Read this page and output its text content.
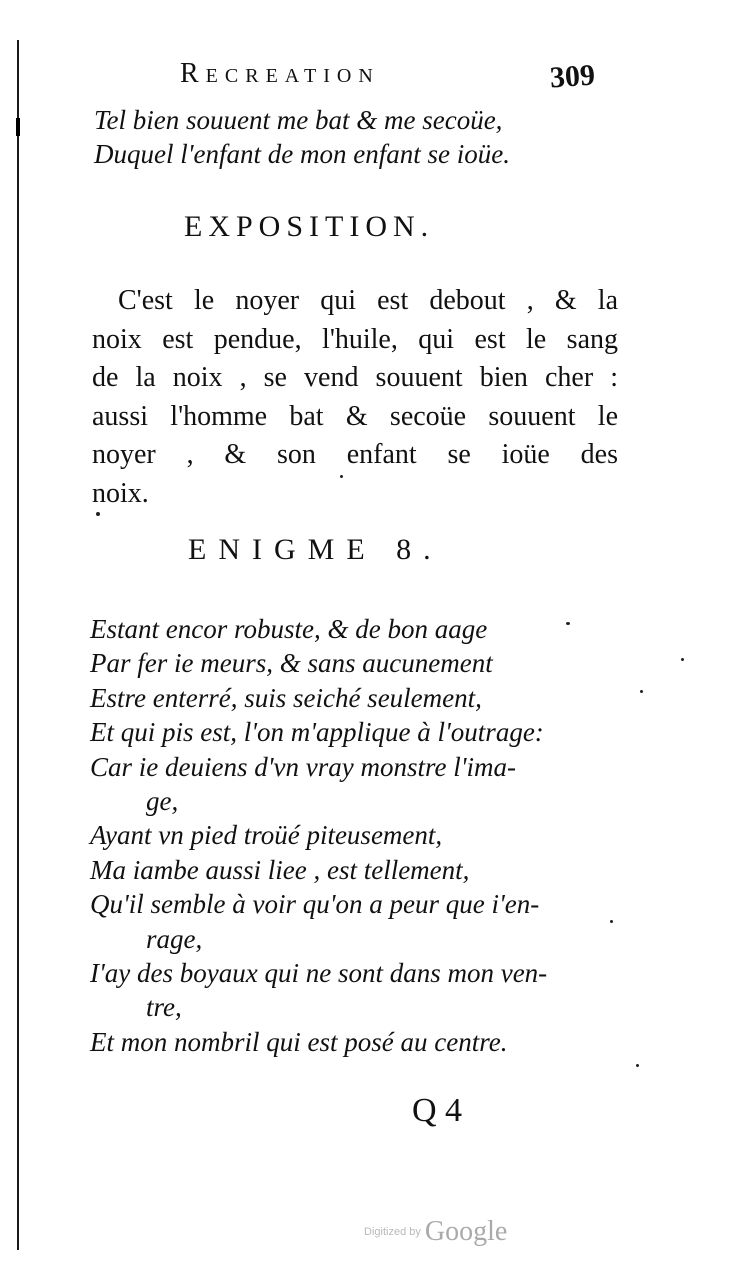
Recreation	309
Tel bien souuent me bat & me secoüe,
Duquel l'enfant de mon enfant se ioüe.
EXPOSITION.
C'est le noyer qui est debout , & la
noix est pendue, l'huile, qui est le sang
de la noix , se vend souuent bien cher :
aussi l'homme bat & secoüe souuent le
noyer , & son enfant se ioüe des
noix.
ENIGME 8.
Estant encor robuste, & de bon aage
Par fer ie meurs, & sans aucunement
Estre enterré, suis seiché seulement,
Et qui pis est, l'on m'applique à l'outrage:
Car ie deuiens d'vn vray monstre l'ima-
ge,
Ayant vn pied troüé piteusement,
Ma iambe aussi liee , est tellement,
Qu'il semble à voir qu'on a peur que i'en-
rage,
I'ay des boyaux qui ne sont dans mon ven-
tre,
Et mon nombril qui est posé au centre.
Q 4
Digitized by Google
